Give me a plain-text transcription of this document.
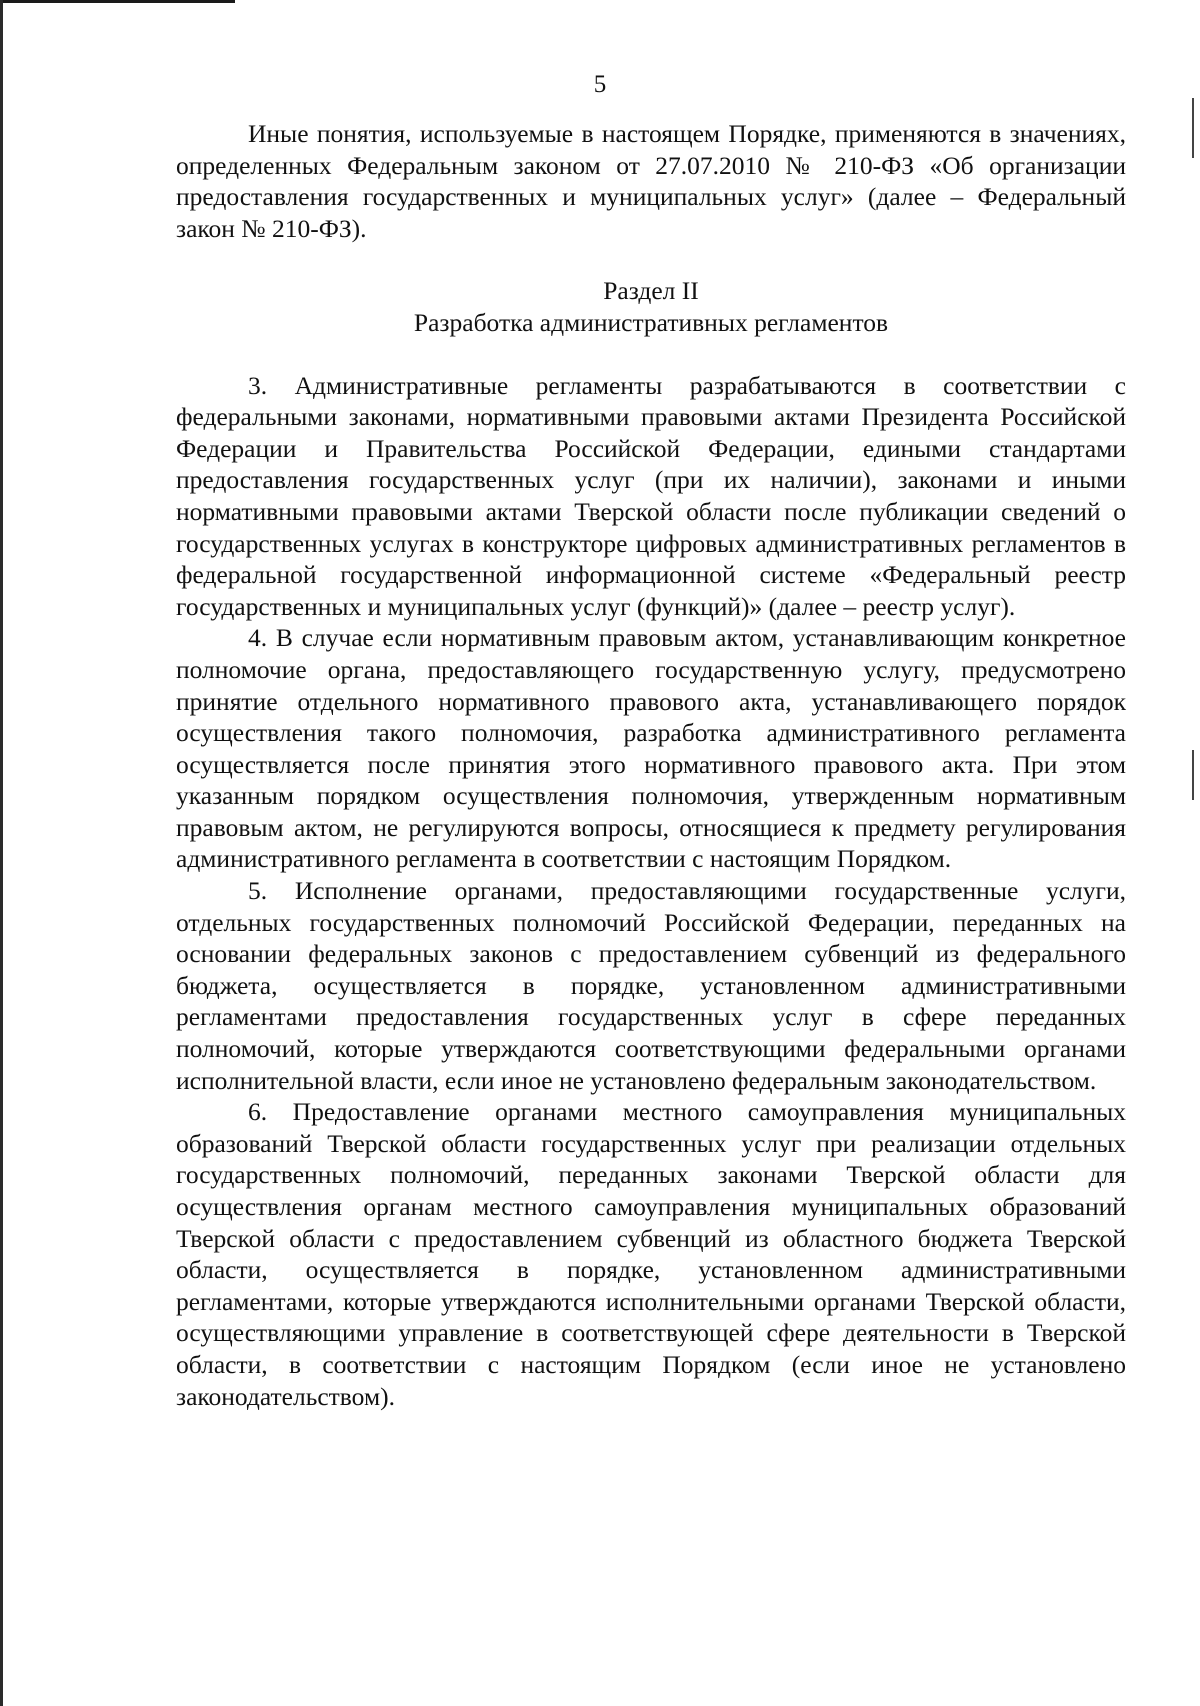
5

Иные понятия, используемые в настоящем Порядке, применяются в значениях, определенных Федеральным законом от 27.07.2010 № 210-ФЗ «Об организации предоставления государственных и муниципальных услуг» (далее – Федеральный закон № 210-ФЗ).

Раздел II

Разработка административных регламентов

3. Административные регламенты разрабатываются в соответствии с федеральными законами, нормативными правовыми актами Президента Российской Федерации и Правительства Российской Федерации, едиными стандартами предоставления государственных услуг (при их наличии), законами и иными нормативными правовыми актами Тверской области после публикации сведений о государственных услугах в конструкторе цифровых административных регламентов в федеральной государственной информационной системе «Федеральный реестр государственных и муниципальных услуг (функций)» (далее – реестр услуг).

4. В случае если нормативным правовым актом, устанавливающим конкретное полномочие органа, предоставляющего государственную услугу, предусмотрено принятие отдельного нормативного правового акта, устанавливающего порядок осуществления такого полномочия, разработка административного регламента осуществляется после принятия этого нормативного правового акта. При этом указанным порядком осуществления полномочия, утвержденным нормативным правовым актом, не регулируются вопросы, относящиеся к предмету регулирования административного регламента в соответствии с настоящим Порядком.

5. Исполнение органами, предоставляющими государственные услуги, отдельных государственных полномочий Российской Федерации, переданных на основании федеральных законов с предоставлением субвенций из федерального бюджета, осуществляется в порядке, установленном административными регламентами предоставления государственных услуг в сфере переданных полномочий, которые утверждаются соответствующими федеральными органами исполнительной власти, если иное не установлено федеральным законодательством.

6. Предоставление органами местного самоуправления муниципальных образований Тверской области государственных услуг при реализации отдельных государственных полномочий, переданных законами Тверской области для осуществления органам местного самоуправления муниципальных образований Тверской области с предоставлением субвенций из областного бюджета Тверской области, осуществляется в порядке, установленном административными регламентами, которые утверждаются исполнительными органами Тверской области, осуществляющими управление в соответствующей сфере деятельности в Тверской области, в соответствии с настоящим Порядком (если иное не установлено законодательством).
